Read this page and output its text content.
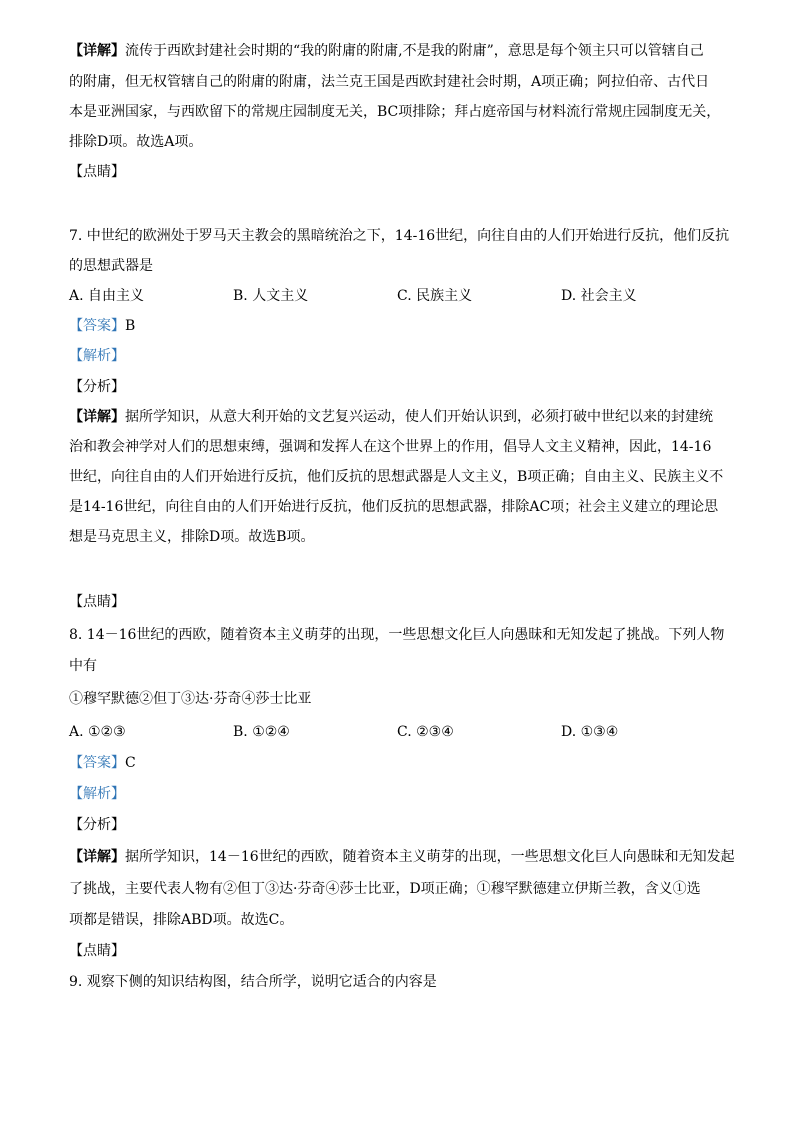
【详解】流传于西欧封建社会时期的“我的附庸的附庸,不是我的附庸”，意思是每个领主只可以管辖自己
的附庸，但无权管辖自己的附庸的附庸，法兰克王国是西欧封建社会时期，A项正确；阿拉伯帝、古代日
本是亚洲国家，与西欧留下的常规庄园制度无关，BC项排除；拜占庭帝国与材料流行常规庄园制度无关，
排除D项。故选A项。
【点睛】
7. 中世纪的欧洲处于罗马天主教会的黑暗统治之下，14-16世纪，向往自由的人们开始进行反抗，他们反抗
的思想武器是
A. 自由主义	B. 人文主义	C. 民族主义	D. 社会主义
【答案】B
【解析】
【分析】
【详解】据所学知识，从意大利开始的文艺复兴运动，使人们开始认识到，必须打破中世纪以来的封建统
治和教会神学对人们的思想束缚，强调和发挥人在这个世界上的作用，倡导人文主义精神，因此，14-16
世纪，向往自由的人们开始进行反抗，他们反抗的思想武器是人文主义，B项正确；自由主义、民族主义不
是14-16世纪，向往自由的人们开始进行反抗，他们反抗的思想武器，排除AC项；社会主义建立的理论思
想是马克思主义，排除D项。故选B项。
【点睛】
8. 14－16世纪的西欧，随着资本主义萌芽的出现，一些思想文化巨人向愚昧和无知发起了挑战。下列人物
中有
①穆罕默德②但丁③达·芬奇④莎士比亚
A. ①②③	B. ①②④	C. ②③④	D. ①③④
【答案】C
【解析】
【分析】
【详解】据所学知识，14－16世纪的西欧，随着资本主义萌芽的出现，一些思想文化巨人向愚昧和无知发起
了挑战，主要代表人物有②但丁③达·芬奇④莎士比亚，D项正确；①穆罕默德建立伊斯兰教，含义①选
项都是错误，排除ABD项。故选C。
【点睛】
9. 观察下侧的知识结构图，结合所学，说明它适合的内容是
